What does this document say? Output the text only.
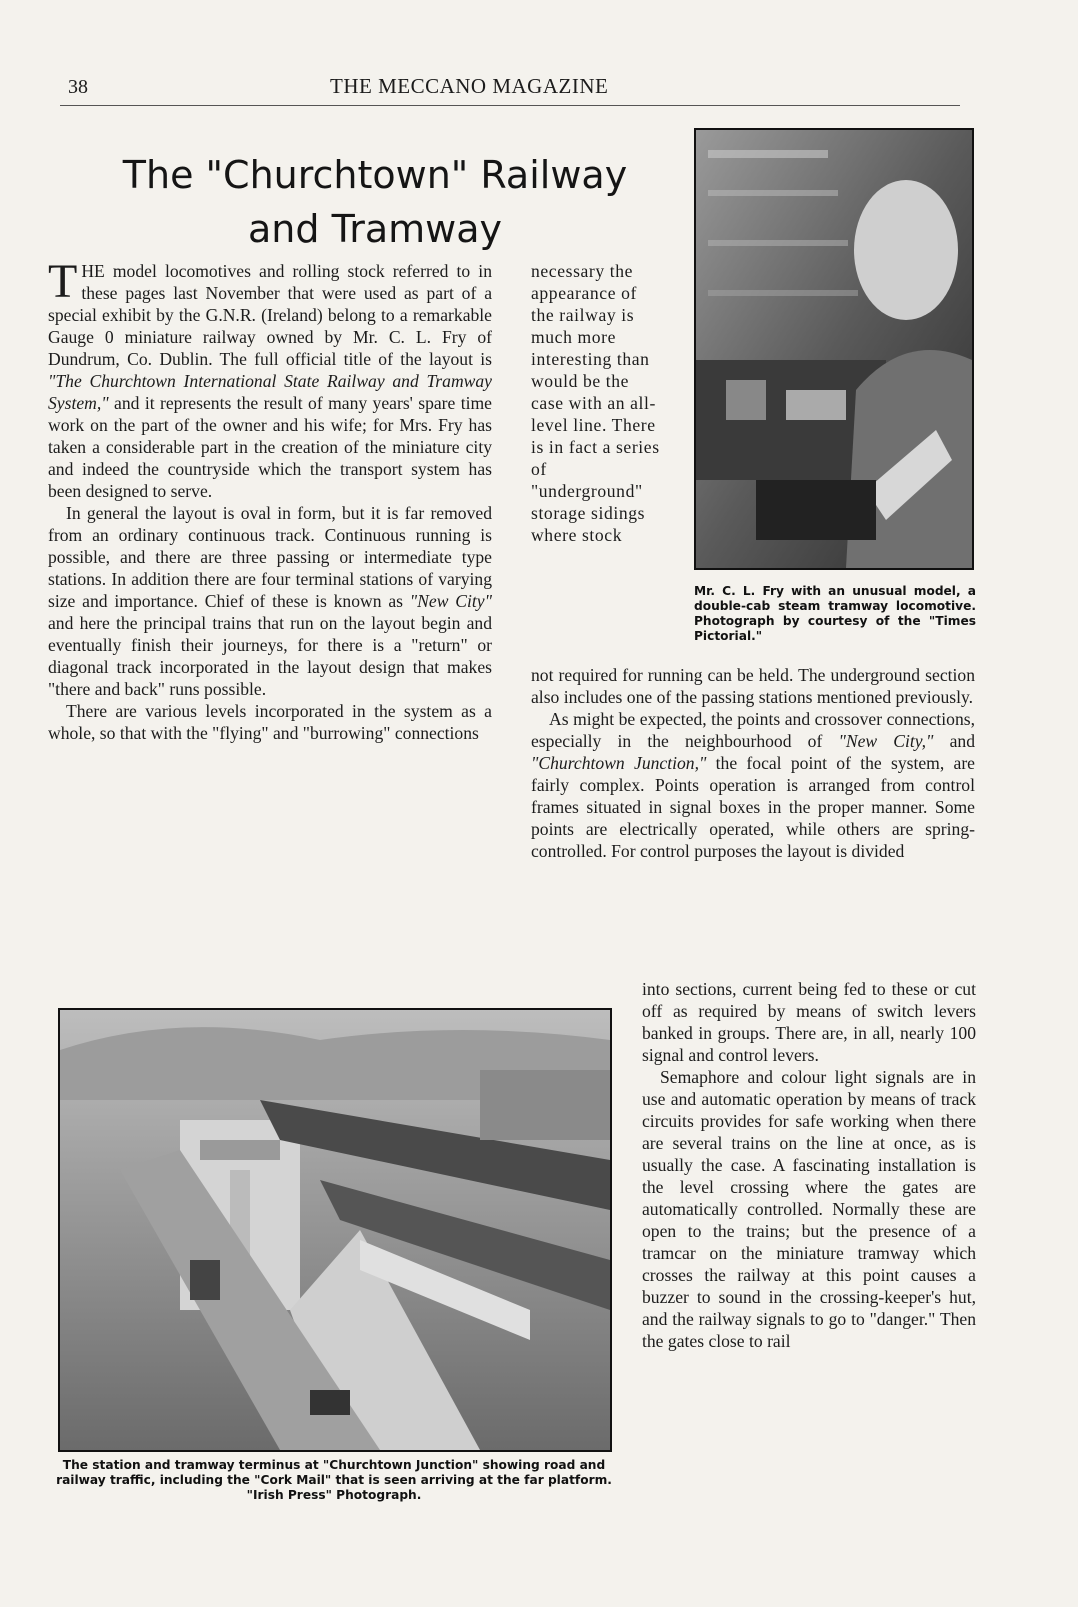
38	THE MECCANO MAGAZINE
The "Churchtown" Railway
and Tramway

THE model locomotives and rolling stock referred to in these pages last November that were used as part of a special exhibit by the G.N.R. (Ireland) belong to a remarkable Gauge 0 miniature railway owned by Mr. C. L. Fry of Dundrum, Co. Dublin. The full official title of the layout is "The Churchtown International State Railway and Tramway System," and it represents the result of many years' spare time work on the part of the owner and his wife; for Mrs. Fry has taken a considerable part in the creation of the miniature city and indeed the countryside which the transport system has been designed to serve.

In general the layout is oval in form, but it is far removed from an ordinary continuous track. Continuous running is possible, and there are three passing or intermediate type stations. In addition there are four terminal stations of varying size and importance. Chief of these is known as "New City" and here the principal trains that run on the layout begin and eventually finish their journeys, for there is a "return" or diagonal track incorporated in the layout design that makes "there and back" runs possible.

There are various levels incorporated in the system as a whole, so that with the "flying" and "burrowing" connections

necessary the appearance of the railway is much more interesting than would be the case with an all-level line. There is in fact a series of "underground" storage sidings where stock

not required for running can be held. The underground section also includes one of the passing stations mentioned previously.

As might be expected, the points and crossover connections, especially in the neighbourhood of "New City," and "Churchtown Junction," the focal point of the system, are fairly complex. Points operation is arranged from control frames situated in signal boxes in the proper manner. Some points are electrically operated, while others are spring-controlled. For control purposes the layout is divided

into sections, current being fed to these or cut off as required by means of switch levers banked in groups. There are, in all, nearly 100 signal and control levers.

Semaphore and colour light signals are in use and automatic operation by means of track circuits provides for safe working when there are several trains on the line at once, as is usually the case. A fascinating installation is the level crossing where the gates are automatically controlled. Normally these are open to the trains; but the presence of a tramcar on the miniature tramway which crosses the railway at this point causes a buzzer to sound in the crossing-keeper's hut, and the railway signals to go to "danger." Then the gates close to rail

Mr. C. L. Fry with an unusual model, a double-cab steam tramway locomotive. Photograph by courtesy of the "Times Pictorial."
The station and tramway terminus at "Churchtown Junction" showing road and railway traffic, including the "Cork Mail" that is seen arriving at the far platform. "Irish Press" Photograph.
